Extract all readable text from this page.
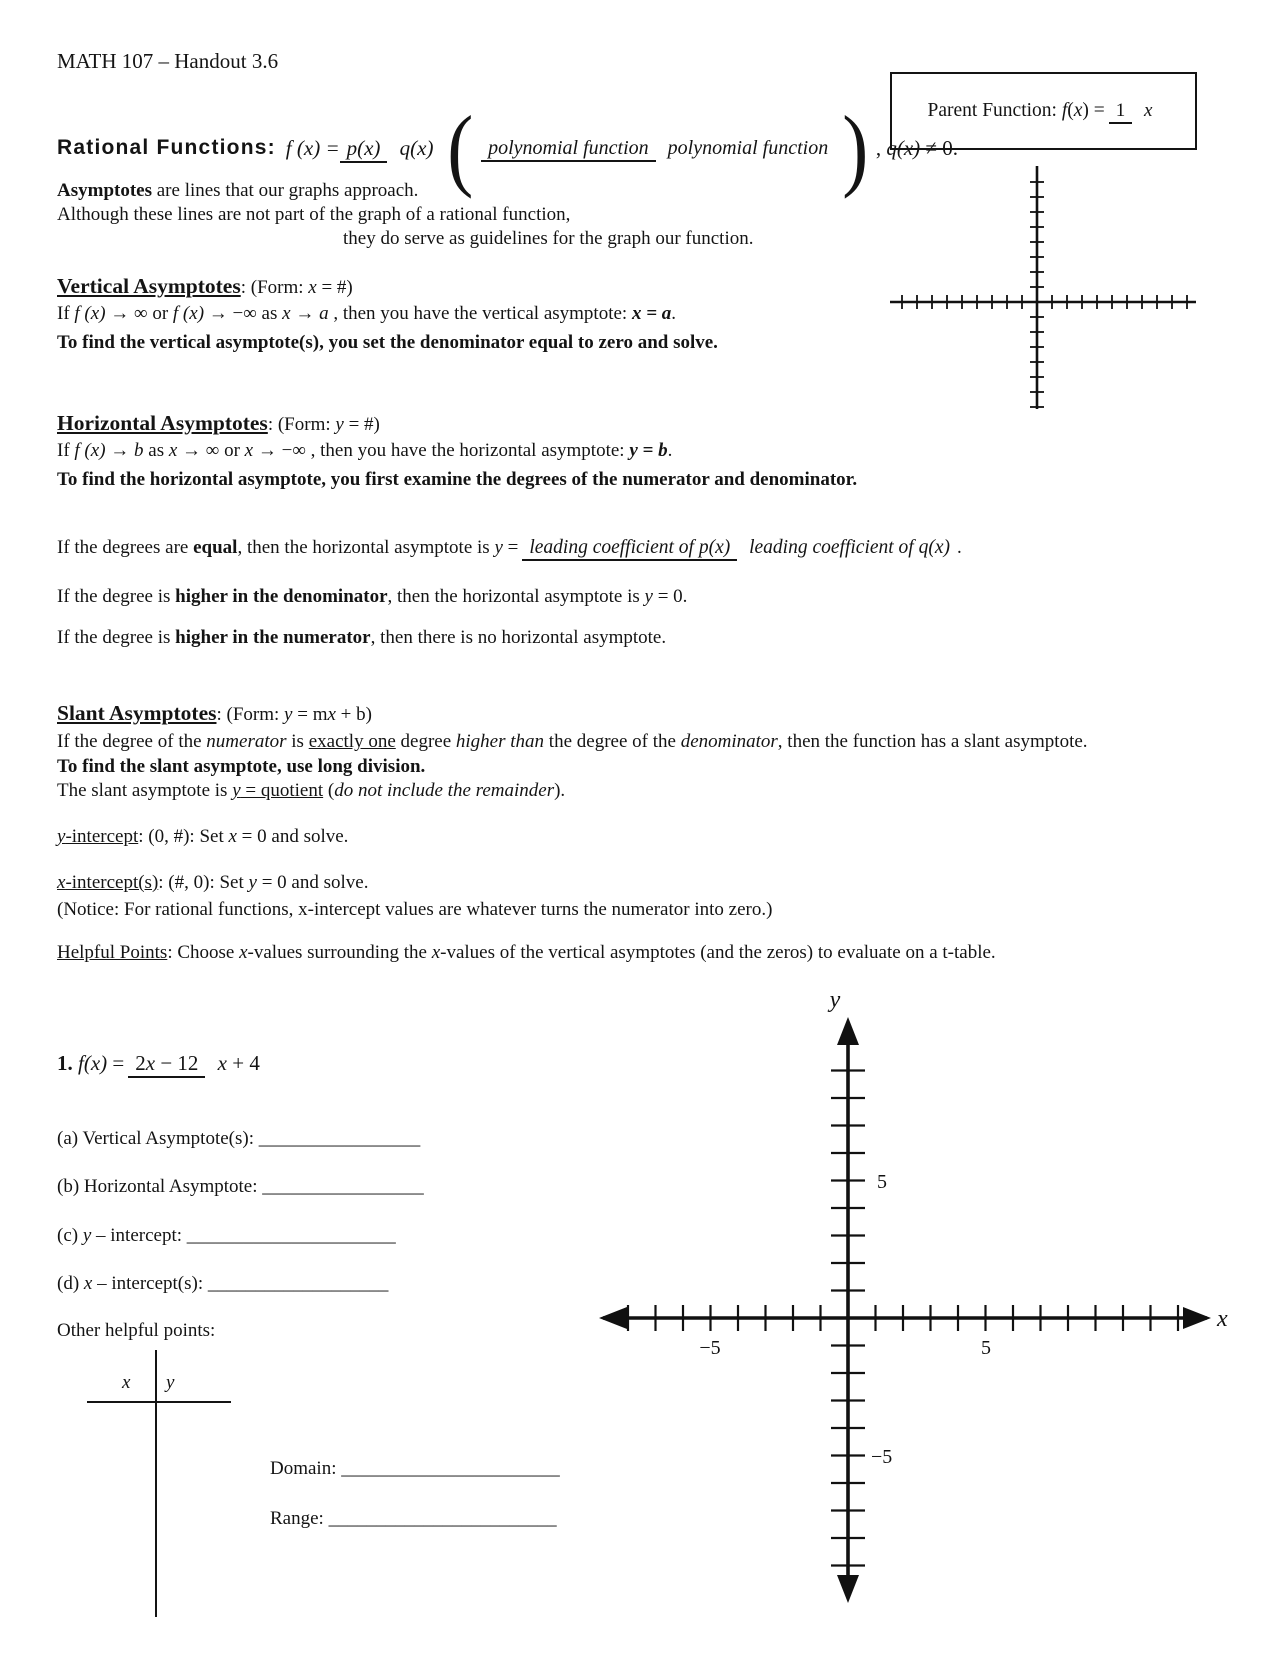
MATH 107 – Handout 3.6
Rational Functions: f (x) = p(x) q(x) ( polynomial function polynomial function ) , q(x) ≠ 0.
Asymptotes are lines that our graphs approach.
Although these lines are not part of the graph of a rational function,
they do serve as guidelines for the graph our function.
Parent Function: f(x) = 1 x
Vertical Asymptotes: (Form: x = #)
If f (x) → ∞ or f (x) → −∞ as x → a , then you have the vertical asymptote: x = a.
To find the vertical asymptote(s), you set the denominator equal to zero and solve.
Horizontal Asymptotes: (Form: y = #)
If f (x) → b as x → ∞ or x → −∞ , then you have the horizontal asymptote: y = b.
To find the horizontal asymptote, you first examine the degrees of the numerator and denominator.
If the degrees are equal, then the horizontal asymptote is y = leading coefficient of p(x) leading coefficient of q(x) .
If the degree is higher in the denominator, then the horizontal asymptote is y = 0.
If the degree is higher in the numerator, then there is no horizontal asymptote.
Slant Asymptotes: (Form: y = mx + b)
If the degree of the numerator is exactly one degree higher than the degree of the denominator, then the function has a slant asymptote.
To find the slant asymptote, use long division.
The slant asymptote is y = quotient (do not include the remainder).
y-intercept: (0, #): Set x = 0 and solve.
x-intercept(s): (#, 0): Set y = 0 and solve.
(Notice: For rational functions, x-intercept values are whatever turns the numerator into zero.)
Helpful Points: Choose x-values surrounding the x-values of the vertical asymptotes (and the zeros) to evaluate on a t-table.
1. f(x) = 2x − 12 x + 4
(a) Vertical Asymptote(s): _________________
(b) Horizontal Asymptote: _________________
(c) y – intercept: ______________________
(d) x – intercept(s): ___________________
Other helpful points:
x y
Domain: _______________________
Range: ________________________
y
x
5
−5
−5	5
